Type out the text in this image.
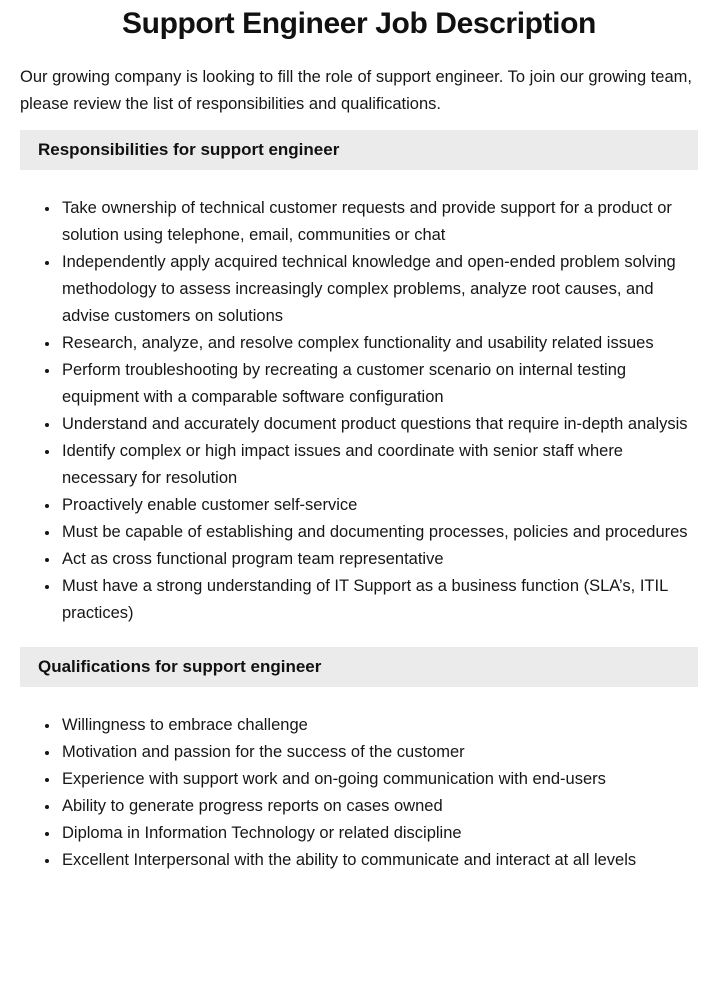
Support Engineer Job Description

Our growing company is looking to fill the role of support engineer. To join our growing team, please review the list of responsibilities and qualifications.

Responsibilities for support engineer
• Take ownership of technical customer requests and provide support for a product or solution using telephone, email, communities or chat
• Independently apply acquired technical knowledge and open-ended problem solving methodology to assess increasingly complex problems, analyze root causes, and advise customers on solutions
• Research, analyze, and resolve complex functionality and usability related issues
• Perform troubleshooting by recreating a customer scenario on internal testing equipment with a comparable software configuration
• Understand and accurately document product questions that require in-depth analysis
• Identify complex or high impact issues and coordinate with senior staff where necessary for resolution
• Proactively enable customer self-service
• Must be capable of establishing and documenting processes, policies and procedures
• Act as cross functional program team representative
• Must have a strong understanding of IT Support as a business function (SLA’s, ITIL practices)
Qualifications for support engineer
• Willingness to embrace challenge
• Motivation and passion for the success of the customer
• Experience with support work and on-going communication with end-users
• Ability to generate progress reports on cases owned
• Diploma in Information Technology or related discipline
• Excellent Interpersonal with the ability to communicate and interact at all levels
